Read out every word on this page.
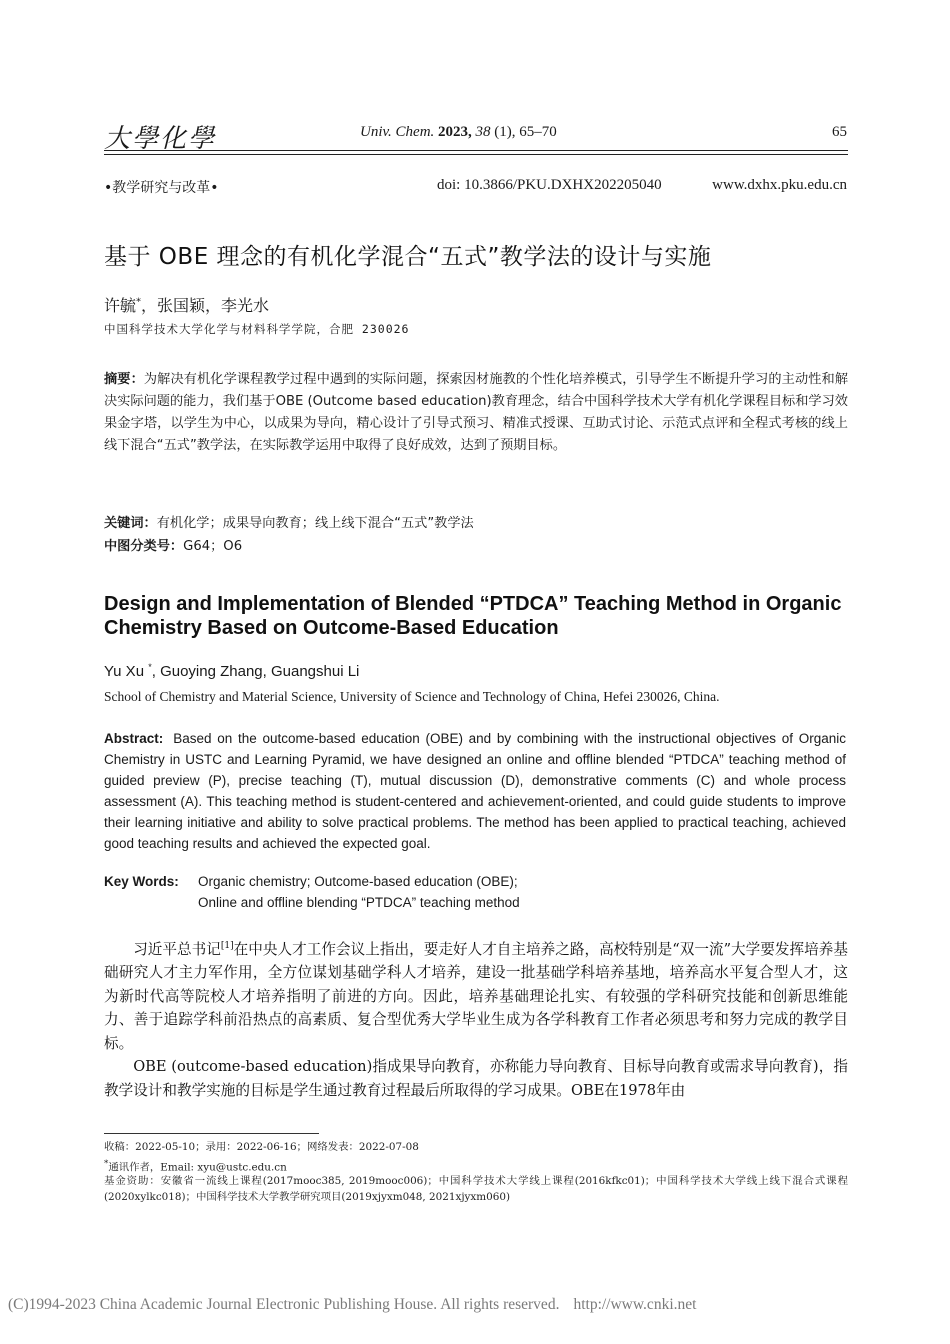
大學化學	Univ. Chem. 2023, 38 (1), 65–70	65
•教学研究与改革•	doi: 10.3866/PKU.DXHX202205040	www.dxhx.pku.edu.cn
基于 OBE 理念的有机化学混合“五式”教学法的设计与实施
许毓*，张国颖，李光水
中国科学技术大学化学与材料科学学院，合肥 230026
摘要：为解决有机化学课程教学过程中遇到的实际问题，探索因材施教的个性化培养模式，引导学生不断提升学习的主动性和解决实际问题的能力，我们基于OBE (Outcome based education)教育理念，结合中国科学技术大学有机化学课程目标和学习效果金字塔，以学生为中心，以成果为导向，精心设计了引导式预习、精准式授课、互助式讨论、示范式点评和全程式考核的线上线下混合“五式”教学法，在实际教学运用中取得了良好成效，达到了预期目标。
关键词：有机化学；成果导向教育；线上线下混合“五式”教学法
中图分类号：G64；O6
Design and Implementation of Blended “PTDCA” Teaching Method in Organic Chemistry Based on Outcome-Based Education
Yu Xu *, Guoying Zhang, Guangshui Li
School of Chemistry and Material Science, University of Science and Technology of China, Hefei 230026, China.
Abstract: Based on the outcome-based education (OBE) and by combining with the instructional objectives of Organic Chemistry in USTC and Learning Pyramid, we have designed an online and offline blended “PTDCA” teaching method of guided preview (P), precise teaching (T), mutual discussion (D), demonstrative comments (C) and whole process assessment (A). This teaching method is student-centered and achievement-oriented, and could guide students to improve their learning initiative and ability to solve practical problems. The method has been applied to practical teaching, achieved good teaching results and achieved the expected goal.
Key Words: Organic chemistry; Outcome-based education (OBE);
Online and offline blending “PTDCA” teaching method

习近平总书记[1]在中央人才工作会议上指出，要走好人才自主培养之路，高校特别是“双一流”大学要发挥培养基础研究人才主力军作用，全方位谋划基础学科人才培养，建设一批基础学科培养基地，培养高水平复合型人才，这为新时代高等院校人才培养指明了前进的方向。因此，培养基础理论扎实、有较强的学科研究技能和创新思维能力、善于追踪学科前沿热点的高素质、复合型优秀大学毕业生成为各学科教育工作者必须思考和努力完成的教学目标。

OBE (outcome-based education)指成果导向教育，亦称能力导向教育、目标导向教育或需求导向教育)，指教学设计和教学实施的目标是学生通过教育过程最后所取得的学习成果。OBE在1978年由

收稿：2022-05-10；录用：2022-06-16；网络发表：2022-07-08
*通讯作者，Email: xyu@ustc.edu.cn
基金资助：安徽省一流线上课程(2017mooc385, 2019mooc006)；中国科学技术大学线上课程(2016kfkc01)；中国科学技术大学线上线下混合式课程(2020xylkc018)；中国科学技术大学教学研究项目(2019xjyxm048, 2021xjyxm060)
(C)1994-2023 China Academic Journal Electronic Publishing House. All rights reserved. http://www.cnki.net
